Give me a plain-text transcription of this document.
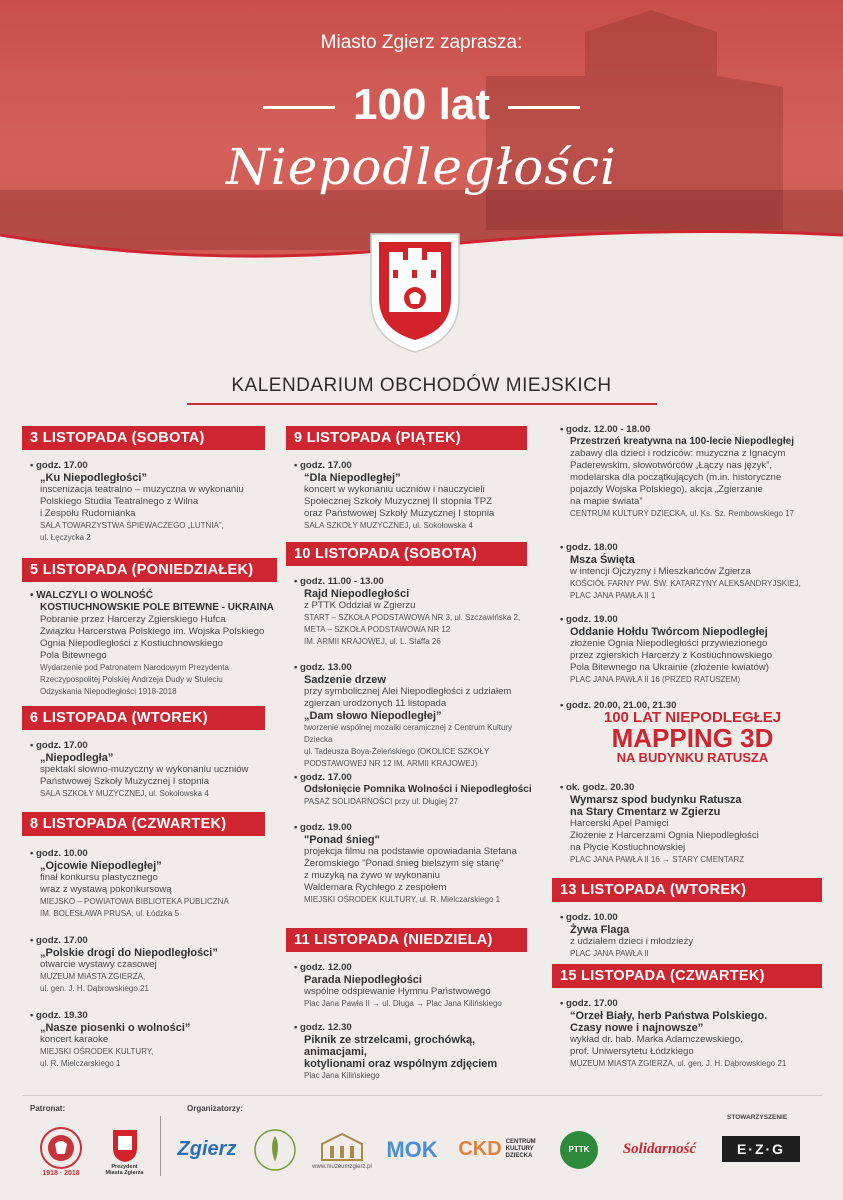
Miasto Zgierz zaprasza:
100 lat
Niepodległości
KALENDARIUM OBCHODÓW MIEJSKICH
3 LISTOPADA (SOBOTA)
• godz. 17.00
„Ku Niepodległości”
inscenizacja teatralno – muzyczna w wykonaniu
Polskiego Studia Teatralnego z Wilna
i Zespołu Rudomianka
SALA TOWARZYSTWA ŚPIEWACZEGO „LUTNIA”,
ul. Łęczycka 2
5 LISTOPADA (PONIEDZIAŁEK)
• WALCZYLI O WOLNOŚĆ
KOSTIUCHNOWSKIE POLE BITEWNE - UKRAINA
Pobranie przez Harcerzy Zgierskiego Hufca
Związku Harcerstwa Polskiego im. Wojska Polskiego
Ognia Niepodległości z Kostiuchnowskiego
Pola Bitewnego
Wydarzenie pod Patronatem Narodowym Prezydenta
Rzeczypospolitej Polskiej Andrzeja Dudy w Stuleciu
Odzyskania Niepodległości 1918-2018
6 LISTOPADA (WTOREK)
• godz. 17.00
„Niepodległa”
spektakl słowno-muzyczny w wykonaniu uczniów
Państwowej Szkoły Muzycznej I stopnia
SALA SZKOŁY MUZYCZNEJ, ul. Sokołowska 4
8 LISTOPADA (CZWARTEK)
• godz. 10.00
„Ojcowie Niepodległej”
finał konkursu plastycznego
wraz z wystawą pokonkursową
MIEJSKO – POWIATOWA BIBLIOTEKA PUBLICZNA
IM. BOLESŁAWA PRUSA, ul. Łódzka 5
• godz. 17.00
„Polskie drogi do Niepodległości”
otwarcie wystawy czasowej
MUZEUM MIASTA ZGIERZA,
ul. gen. J. H. Dąbrowskiego 21
• godz. 19.30
„Nasze piosenki o wolności”
koncert karaoke
MIEJSKI OŚRODEK KULTURY,
ul. R. Mielczarskiego 1
9 LISTOPADA (PIĄTEK)
• godz. 17.00
“Dla Niepodległej”
koncert w wykonaniu uczniów i nauczycieli
Społecznej Szkoły Muzycznej II stopnia TPZ
oraz Państwowej Szkoły Muzycznej I stopnia
SALA SZKOŁY MUZYCZNEJ, ul. Sokołowska 4
10 LISTOPADA (SOBOTA)
• godz. 11.00 - 13.00
Rajd Niepodległości
z PTTK Oddział w Zgierzu
START – SZKOŁA PODSTAWOWA NR 3, ul. Szczawińska 2,
META – SZKOŁA PODSTAWOWA NR 12
IM. ARMII KRAJOWEJ, ul. L. Staffa 26
• godz. 13.00
Sadzenie drzew
przy symbolicznej Alei Niepodległości z udziałem
zgierzan urodzonych 11 listopada
„Dam słowo Niepodległej”
tworzenie wspólnej mozaiki ceramicznej z Centrum Kultury Dziecka
ul. Tadeusza Boya-Żeleńskiego (OKOLICE SZKOŁY
PODSTAWOWEJ NR 12 IM. ARMII KRAJOWEJ)
• godz. 17.00
Odsłonięcie Pomnika Wolności i Niepodległości
PASAŻ SOLIDARNOŚCI przy ul. Długiej 27
• godz. 19.00
"Ponad śnieg"
projekcja filmu na podstawie opowiadania Stefana
Żeromskiego "Ponad śnieg bielszym się stanę"
z muzyką na żywo w wykonaniu
Waldemara Rychłego z zespołem
MIEJSKI OŚRODEK KULTURY, ul. R. Mielczarskiego 1
11 LISTOPADA (NIEDZIELA)
• godz. 12.00
Parada Niepodległości
wspólne odśpiewanie Hymnu Państwowego
Plac Jana Pawła II → ul. Długa → Plac Jana Kilińskiego
• godz. 12.30
Piknik ze strzelcami, grochówką, animacjami,
kotylionami oraz wspólnym zdjęciem
Plac Jana Kilińskiego
• godz. 12.00 - 18.00
Przestrzeń kreatywna na 100-lecie Niepodległej
zabawy dla dzieci i rodziców: muzyczna z Ignacym
Paderewskim, słowotwórców „Łączy nas język”,
modelarska dla początkujących (m.in. historyczne
pojazdy Wojska Polskiego), akcja „Zgierzanie
na mapie świata”
CENTRUM KULTURY DZIECKA, ul. Ks. Sz. Rembowskiego 17
• godz. 18.00
Msza Święta
w intencji Ojczyzny i Mieszkańców Zgierza
KOŚCIÓŁ FARNY PW. ŚW. KATARZYNY ALEKSANDRYJSKIEJ,
PLAC JANA PAWŁA II 1
• godz. 19.00
Oddanie Hołdu Twórcom Niepodległej
złożenie Ognia Niepodległości przywiezionego
przez zgierskich Harcerzy z Kostiuchnowskiego
Pola Bitewnego na Ukrainie (złożenie kwiatów)
PLAC JANA PAWŁA II 16 (PRZED RATUSZEM)
• godz. 20.00, 21.00, 21.30
100 LAT NIEPODLEGŁEJ
MAPPING 3D
NA BUDYNKU RATUSZA
• ok. godz. 20.30
Wymarsz spod budynku Ratusza
na Stary Cmentarz w Zgierzu
Harcerski Apel Pamięci
Złożenie z Harcerzami Ognia Niepodległości
na Płycie Kostiuchnowskiej
PLAC JANA PAWŁA II 16 → STARY CMENTARZ
13 LISTOPADA (WTOREK)
• godz. 10.00
Żywa Flaga
z udziałem dzieci i młodzieży
PLAC JANA PAWŁA II
15 LISTOPADA (CZWARTEK)
• godz. 17.00
“Orzeł Biały, herb Państwa Polskiego.
Czasy nowe i najnowsze”
wykład dr. hab. Marka Adamczewskiego,
prof. Uniwersytetu Łódzkiego
MUZEUM MIASTA ZGIERZA, ul. gen. J. H. Dąbrowskiego 21
Patronat:	Organizatorzy:
STOWARZYSZENIE
1918 · 2018
Prezydent
Miasta Zgierza
Zgierz
www.muzeumzgierz.pl
MOK CKD CENTRUM
KULTURY
DZIECKA
PTTK	Solidarność	E·Z·G
